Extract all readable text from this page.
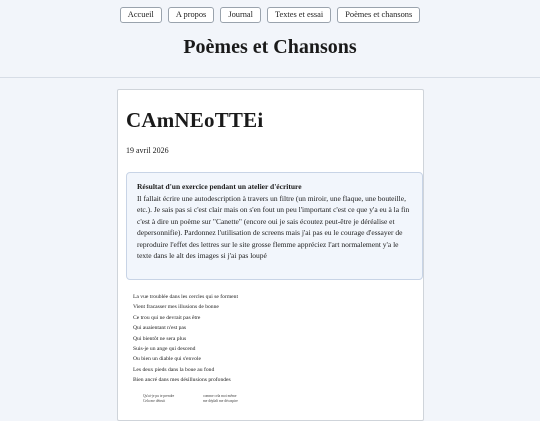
Accueil	A propos	Journal	Textes et essai	Poèmes et chansons
Poèmes et Chansons
CAmNEoTTEi
19 avril 2026
Résultat d'un exercice pendant un atelier d'écriture
Il fallait écrire une autodescription à travers un filtre (un miroir, une flaque, une bouteille, etc.). Je sais pas si c'est clair mais on s'en fout un peu l'important c'est ce que y'a eu à la fin c'est à dire un poème sur "Canette" (encore oui je sais écoutez peut-être je déréalise et depersonnifie). Pardonnez l'utilisation de screens mais j'ai pas eu le courage d'essayer de reproduire l'effet des lettres sur le site grosse flemme appréciez l'art normalement y'a le texte dans le alt des images si j'ai pas loupé
La vue troublée dans les cercles qui se forment
Vient fracasser mes illusions de bonne
Ce trou qui ne devrait pas être
Qui auaientant n'est pas
Qui bientôt ne sera plus
Suis-je un ange qui descend
Ou bien un diable qui s'envole
Les deux pieds dans la boue au fond
Bien ancré dans mes désillusions profondes
Qu'ai-je pu te prendre	comme cela moi même
Cela me détruit	me déplaît me décaspire
